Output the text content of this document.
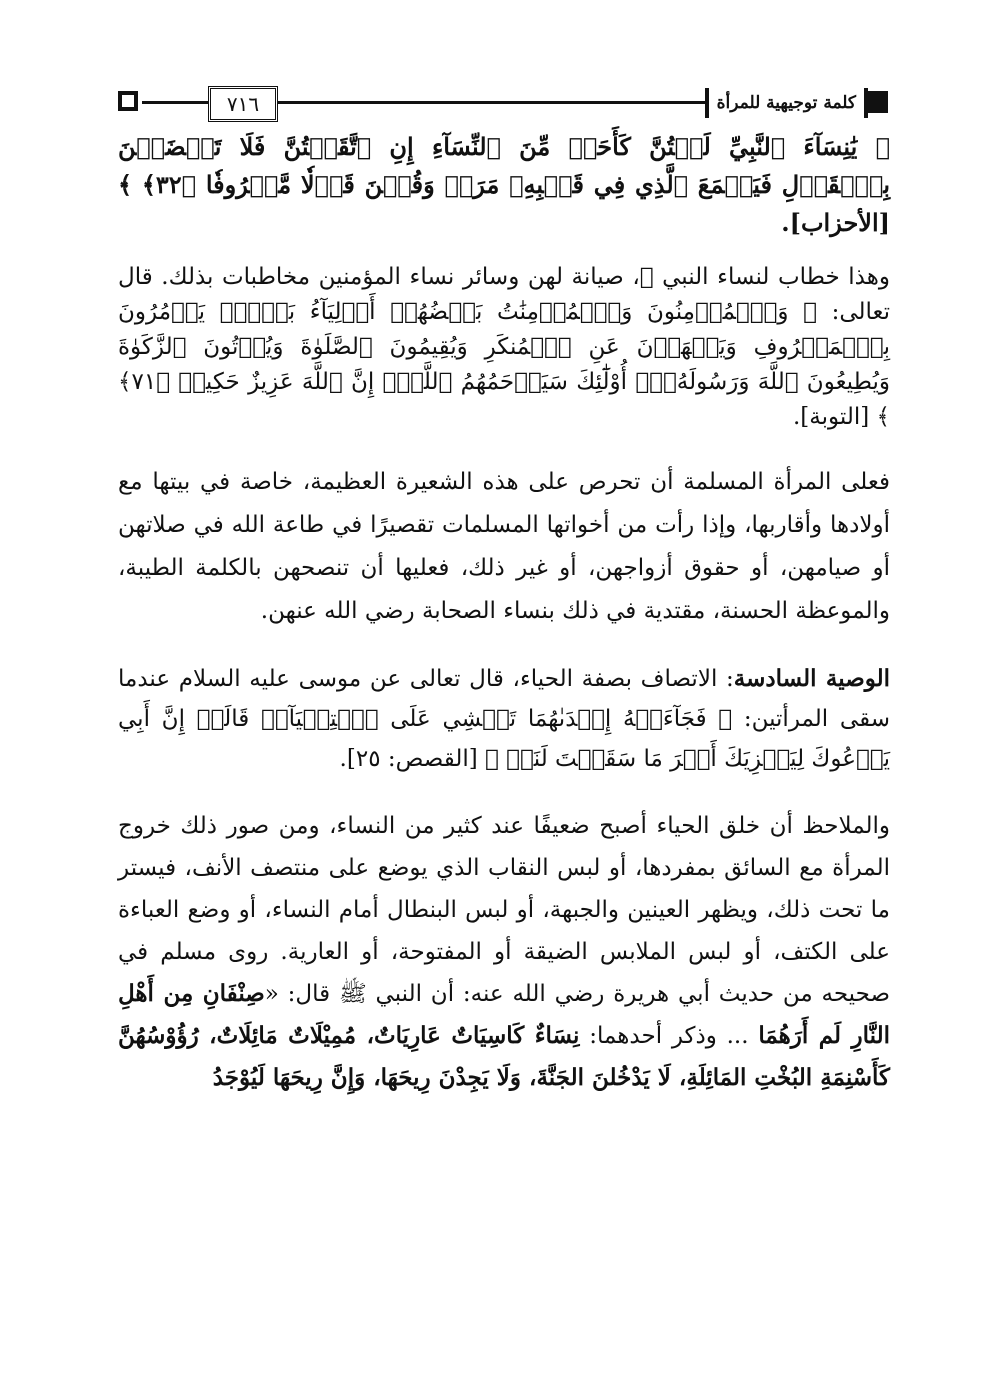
كلمة توجيهية للمرأة
٧١٦

﴿ يَٰنِسَآءَ ٱلنَّبِيِّ لَسۡتُنَّ كَأَحَدٖ مِّنَ ٱلنِّسَآءِ إِنِ ٱتَّقَيۡتُنَّ فَلَا تَخۡضَعۡنَ بِٱلۡقَوۡلِ فَيَطۡمَعَ ٱلَّذِي فِي قَلۡبِهِۦ مَرَضٞ وَقُلۡنَ قَوۡلٗا مَّعۡرُوفٗا ﴿٣٢﴾ ﴾ [الأحزاب].

وهذا خطاب لنساء النبي ﷺ، صيانة لهن وسائر نساء المؤمنين مخاطبات بذلك. قال تعالى: ﴿ وَٱلۡمُؤۡمِنُونَ وَٱلۡمُؤۡمِنَٰتُ بَعۡضُهُمۡ أَوۡلِيَآءُ بَعۡضٖۚ يَأۡمُرُونَ بِٱلۡمَعۡرُوفِ وَيَنۡهَوۡنَ عَنِ ٱلۡمُنكَرِ وَيُقِيمُونَ ٱلصَّلَوٰةَ وَيُؤۡتُونَ ٱلزَّكَوٰةَ وَيُطِيعُونَ ٱللَّهَ وَرَسُولَهُۥٓۚ أُوْلَٰٓئِكَ سَيَرۡحَمُهُمُ ٱللَّهُۗ إِنَّ ٱللَّهَ عَزِيزٌ حَكِيمٞ ﴿٧١﴾ ﴾ [التوبة].

فعلى المرأة المسلمة أن تحرص على هذه الشعيرة العظيمة، خاصة في بيتها مع أولادها وأقاربها، وإذا رأت من أخواتها المسلمات تقصيرًا في طاعة الله في صلاتهن أو صيامهن، أو حقوق أزواجهن، أو غير ذلك، فعليها أن تنصحهن بالكلمة الطيبة، والموعظة الحسنة، مقتدية في ذلك بنساء الصحابة رضي الله عنهن.

الوصية السادسة: الاتصاف بصفة الحياء، قال تعالى عن موسى عليه السلام عندما سقى المرأتين: ﴿ فَجَآءَتۡهُ إِحۡدَىٰهُمَا تَمۡشِي عَلَى ٱسۡتِحۡيَآءٖ قَالَتۡ إِنَّ أَبِي يَدۡعُوكَ لِيَجۡزِيَكَ أَجۡرَ مَا سَقَيۡتَ لَنَاۚ ﴾ [القصص: ٢٥].

والملاحظ أن خلق الحياء أصبح ضعيفًا عند كثير من النساء، ومن صور ذلك خروج المرأة مع السائق بمفردها، أو لبس النقاب الذي يوضع على منتصف الأنف، فيستر ما تحت ذلك، ويظهر العينين والجبهة، أو لبس البنطال أمام النساء، أو وضع العباءة على الكتف، أو لبس الملابس الضيقة أو المفتوحة، أو العارية. روى مسلم في صحيحه من حديث أبي هريرة رضي الله عنه: أن النبي ﷺ قال: «صِنْفَانِ مِن أَهْلِ النَّارِ لَم أَرَهُمَا ... وذكر أحدهما: نِسَاءٌ كَاسِيَاتٌ عَارِيَاتٌ، مُمِيْلَاتٌ مَائِلَاتٌ، رُؤُوْسُهُنَّ كَأَسْنِمَةِ البُخْتِ المَائِلَةِ، لَا يَدْخُلنَ الجَنَّةَ، وَلَا يَجِدْنَ رِيحَهَا، وَإِنَّ رِيحَهَا لَيُوْجَدُ
